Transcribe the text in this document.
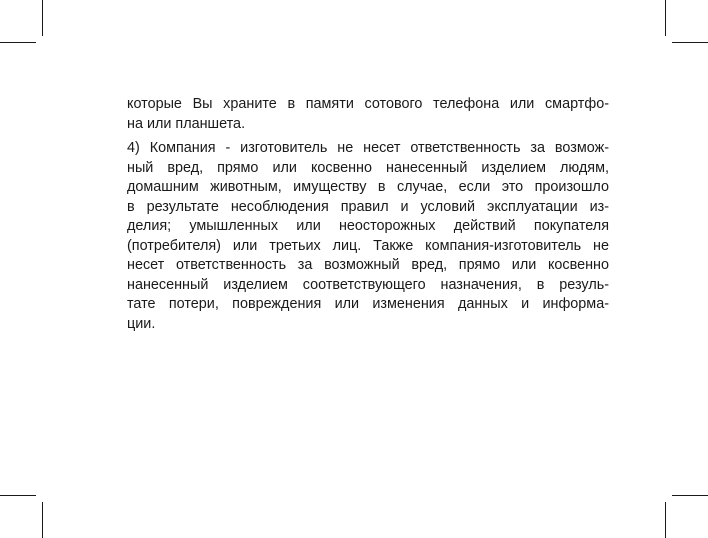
которые Вы храните в памяти сотового телефона или смартфо-
на или планшета.

4) Компания - изготовитель не несет ответственность за возмож-
ный вред, прямо или косвенно нанесенный изделием людям,
домашним животным, имуществу в случае, если это произошло
в результате несоблюдения правил и условий эксплуатации из-
делия; умышленных или неосторожных действий покупателя
(потребителя) или третьих лиц. Также компания-изготовитель не
несет ответственность за возможный вред, прямо или косвенно
нанесенный изделием соответствующего назначения, в резуль-
тате потери, повреждения или изменения данных и информа-
ции.
